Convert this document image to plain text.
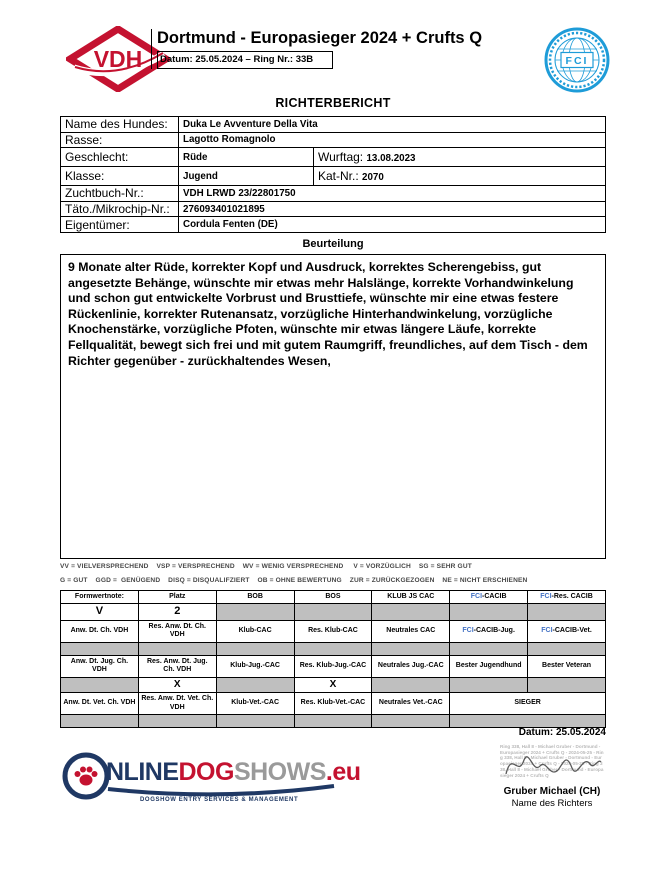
VDH
Dortmund - Europasieger 2024 + Crufts Q
Datum: 25.05.2024 – Ring Nr.: 33B	FCI
RICHTERBERICHT
Name des Hundes:	Duka Le Avventure Della Vita	
Rasse:	Lagotto Romagnolo	
Geschlecht:	Rüde	Wurftag: 13.08.2023
Klasse:	Jugend	Kat-Nr.: 2070
Zuchtbuch-Nr.:	VDH LRWD 23/22801750	
Täto./Mikrochip-Nr.:	276093401021895	
Eigentümer:	Cordula Fenten (DE)	
Beurteilung
9 Monate alter Rüde, korrekter Kopf und Ausdruck, korrektes Scherengebiss, gut angesetzte Behänge, wünschte mir etwas mehr Halslänge, korrekte Vorhandwinkelung und schon gut entwickelte Vorbrust und Brusttiefe, wünschte mir eine etwas festere Rückenlinie, korrekter Rutenansatz, vorzügliche Hinterhandwinkelung, vorzügliche Knochenstärke, vorzügliche Pfoten, wünschte mir etwas längere Läufe, korrekte Fellqualität, bewegt sich frei und mit gutem Raumgriff, freundliches, auf dem Tisch - dem Richter gegenüber - zurückhaltendes Wesen,
VV = VIELVERSPRECHEND    VSP = VERSPRECHEND    WV = WENIG VERSPRECHEND     V = VORZÜGLICH    SG = SEHR GUT
G = GUT    GGD =  GENÜGEND    DISQ = DISQUALIFZIERT    OB = OHNE BEWERTUNG    ZUR = ZURÜCKGEZOGEN    NE = NICHT ERSCHIENEN
Formwertnote:	Platz	BOB	BOS	KLUB JS CAC	FCI-CACIB	FCI-Res. CACIB
V	2					
Anw. Dt. Ch. VDH	Res. Anw. Dt. Ch. VDH	Klub-CAC	Res. Klub-CAC	Neutrales CAC	FCI-CACIB-Jug.	FCI-CACIB-Vet.

Anw. Dt. Jug. Ch. VDH	Res. Anw. Dt. Jug. Ch. VDH	Klub-Jug.-CAC	Res. Klub-Jug.-CAC	Neutrales Jug.-CAC	Bester Jugendhund	Bester Veteran
	X		X			
Anw. Dt. Vet. Ch. VDH	Res. Anw. Dt. Vet. Ch. VDH	Klub-Vet.-CAC	Res. Klub-Vet.-CAC	Neutrales Vet.-CAC	SIEGER	

Datum: 25.05.2024
NLINEDOGSHOWS.eu
DOGSHOW ENTRY SERVICES & MANAGEMENT
Ring 338, Hall 8 - Michael Gruber - Dortmund - Europasieger 2024 + Crufts Q - 2024-05-25 - Ring 338, Hall 8 - Michael Gruber - Dortmund - Europasieger 2024 + Crufts Q - 2024-05-25 - Ring 338, Hall 8 - Michael Gruber - Dortmund - Europasieger 2024 + Crufts Q
Gruber Michael (CH)
Name des Richters
